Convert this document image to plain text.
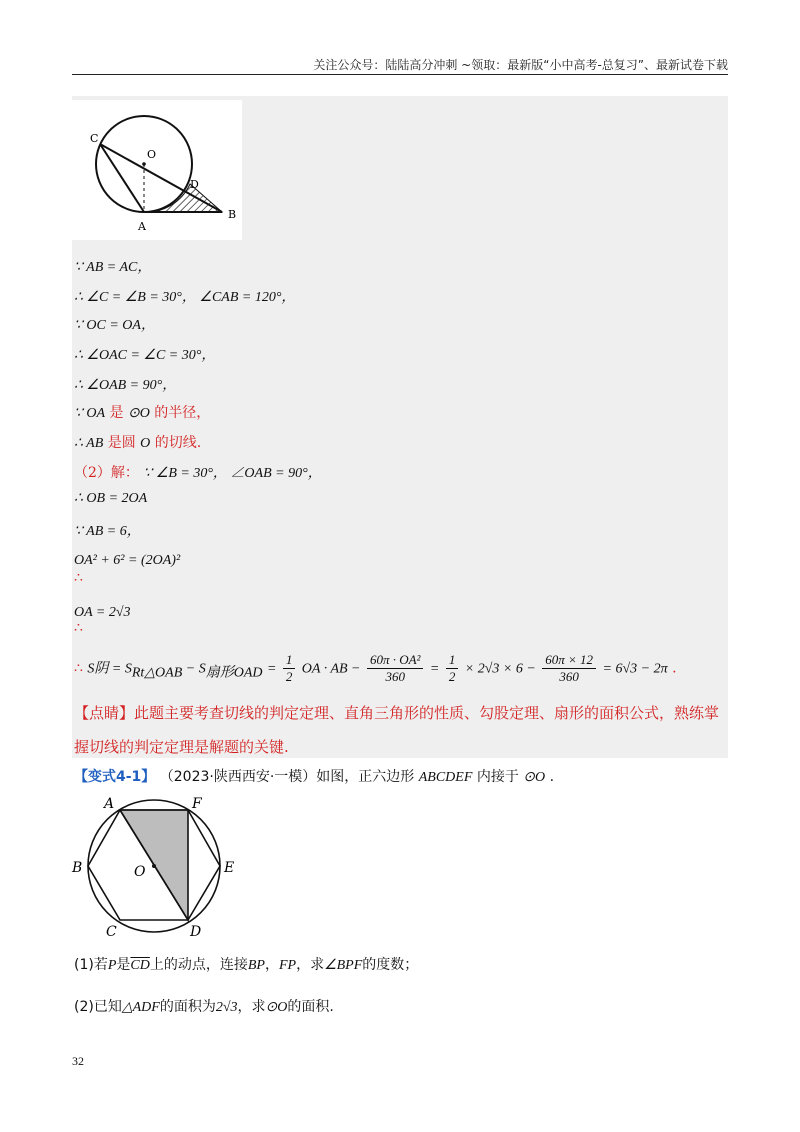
关注公众号：陆陆高分冲刺 ~领取：最新版“小中高考-总复习”、最新试卷下载
C
O
D
A
B
∵ AB = AC，
∴ ∠C = ∠B = 30°， ∠CAB = 120°，
∵ OC = OA，
∴ ∠OAC = ∠C = 30°，
∴ ∠OAB = 90°，
∵ OA 是 ⊙O 的半径，
∴ AB 是圆 O 的切线.
（2）解： ∵ ∠B = 30°， ∠OAB = 90°，
∴ OB = 2OA
∵ AB = 6，
OA² + 6² = (2OA)²
∴
OA = 2√3
∴
∴ S阴 = $S_{Rt\triangle OAB} - S_{扇形OAD} = \frac{1}{2}$ OA · AB − $\frac{\text{60π · OA²}}{360} = \frac{1}{2} \times 2√3 \times 6 - \frac{60\pi \times 12}{360} = 6√3 - 2\pi$ .
【点睛】此题主要考查切线的判定定理、直角三角形的性质、勾股定理、扇形的面积公式，熟练掌握切线的判定定理是解题的关键.
【变式4-1】 （2023·陕西西安·一模）如图，正六边形 ABCDEF 内接于 ⊙O .
A	F
B	O	E
C	D
(1)若P是$\overline{CD}$上的动点，连接BP，FP，求∠BPF的度数；
(2)已知△ADF的面积为2√3，求⊙O的面积.
32
